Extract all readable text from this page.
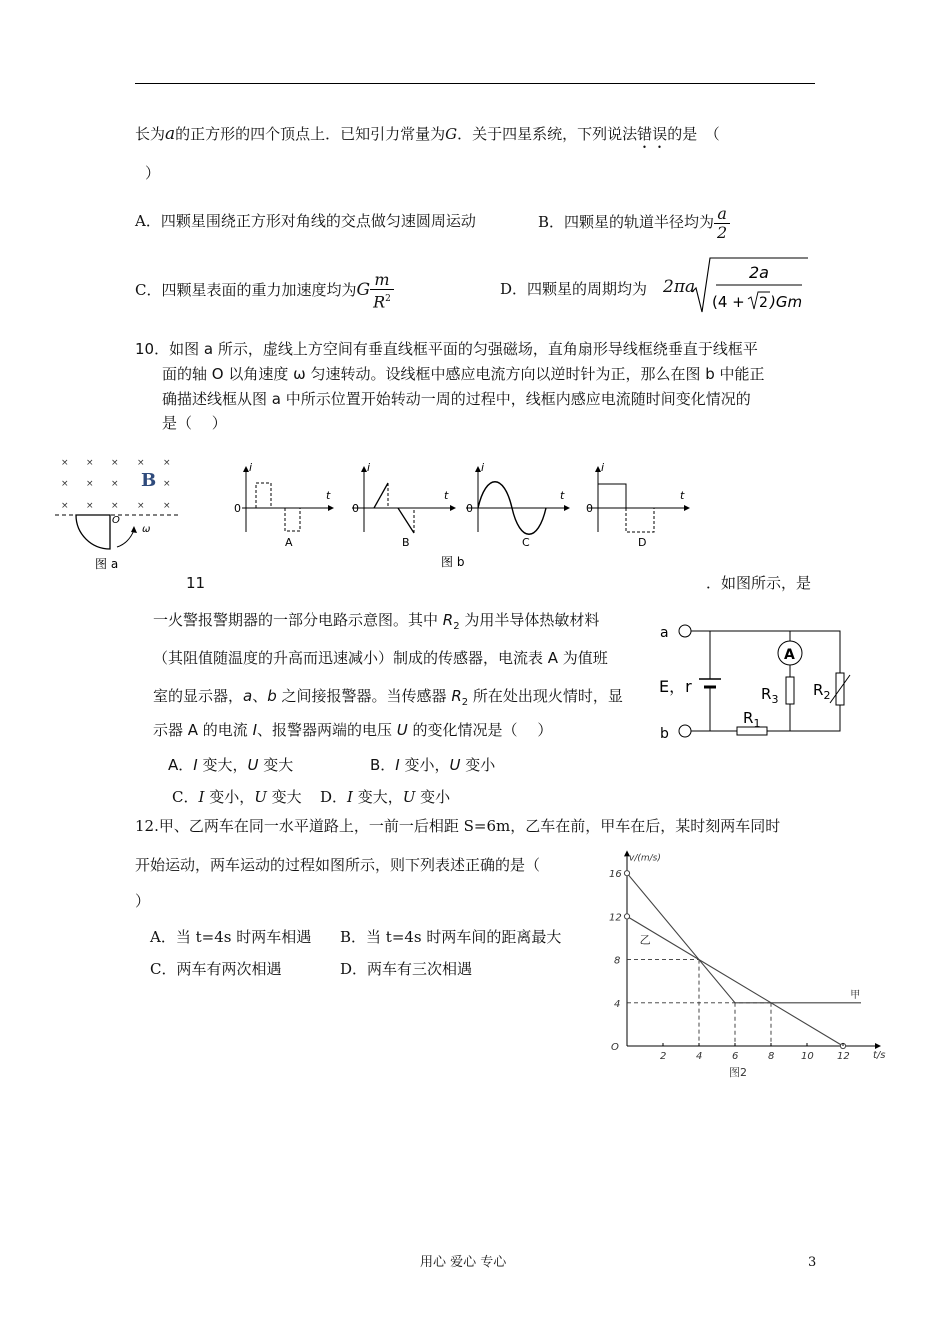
长为a的正方形的四个顶点上．已知引力常量为G．关于四星系统，下列说法错误的是　（
）
A．四颗星围绕正方形对角线的交点做匀速圆周运动	B．四颗星的轨道半径均为 $\frac{a}{2}$
C．四颗星表面的重力加速度均为G $\frac{m}{R^2}$	D．四颗星的周期均为 2πa
2a
(4 + 2 )Gm
10．如图 a 所示，虚线上方空间有垂直线框平面的匀强磁场，直角扇形导线框绕垂直于线框平
面的轴 O 以角速度 ω 匀速转动。设线框中感应电流方向以逆时针为正，那么在图 b 中能正
确描述线框从图 a 中所示位置开始转动一周的过程中，线框内感应电流随时间变化情况的
是（　 ）
× × × × ×
× × ×	×
× × × × ×
B
O
ω
图 a
i
t
0
A
i
t
0
B
i
t
0
C
i
t
0
D
图 b
11	．如图所示，是
一火警报警期器的一部分电路示意图。其中 $R_2$ 为用半导体热敏材料
（其阻值随温度的升高而迅速减小）制成的传感器，电流表 A 为值班
室的显示器，a、b 之间接报警器。当传感器 $R_2$ 所在处出现火情时，显
示器 A 的电流 I、报警器两端的电压 U 的变化情况是（　 ）
A．I 变大，U 变大	B．I 变小，U 变小
C．I 变小，U 变大 D．I 变大，U 变小
a
b
E，r
A
$R_3$
$R_2$
$R_1$
12.甲、乙两车在同一水平道路上，一前一后相距 S=6m，乙车在前，甲车在后，某时刻两车同时
开始运动，两车运动的过程如图所示，则下列表述正确的是（
）
A．当 t=4s 时两车相遇 B．当 t=4s 时两车间的距离最大
C．两车有两次相遇	D．两车有三次相遇
t/s
v/(m/s)
O
图2
甲
乙
2	4	6	8	10 12
4
8
12
16
用心 爱心 专心	3
